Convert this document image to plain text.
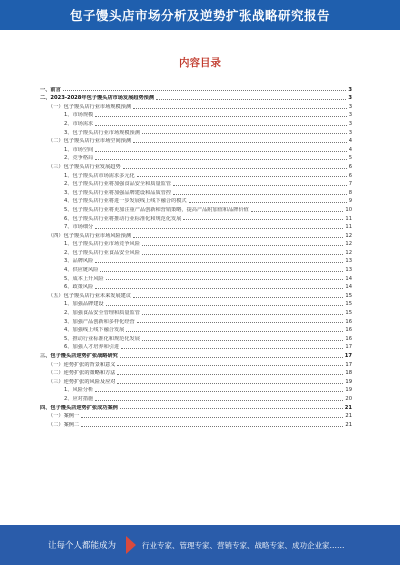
包子馒头店市场分析及逆势扩张战略研究报告
内容目录
一、前言	3
二、2023-2028年包子馒头店市场发展趋势预测	3
（一）包子馒头店行业市场规模预测	3
1、市场规模	3
2、市场需求	3
3、包子馒头店行业市场规模预测	3
（二）包子馒头店行业市场空间预测	4
1、市场空间	4
2、竞争格局	5
（三）包子馒头店行业发展趋势	6
1、包子馒头店市场需求多元化	6
2、包子馒头店行业将加强食品安全和质量监管	7
3、包子馒头店行业将加强品牌建设和品质管控	8
4、包子馒头店行业将进一步发展线上线下融合的模式	9
5、包子馒头店行业将更加注重产品创新和营销策略，提高产品附加值和品牌价值	10
6、包子馒头店行业将推动行业标准化和规范化发展	11
7、市场细分	11
（四）包子馒头店行业市场风险预测	12
1、包子馒头店行业市场竞争风险	12
2、包子馒头店行业食品安全风险	12
3、品牌风险	13
4、供应链风险	13
5、成本上升风险	14
6、政策风险	14
（五）包子馒头店行业未来发展建议	15
1、加强品牌建设	15
2、加强食品安全管理和质量监管	15
3、加强产品创新和多样化经营	16
4、加强线上线下融合发展	16
5、推动行业标准化和规范化发展	16
6、加强人才培养和引进	17
三、包子馒头店逆势扩张战略研究	17
（一）逆势扩张的背景和意义	17
（二）逆势扩张的策略和方法	18
（三）逆势扩张的风险及应对	19
1、风险分析	19
2、应对措施	20
四、包子馒头店逆势扩张成功案例	21
（一）案例一	21
（二）案例二	21
让每个人都能成为	行业专家、管理专家、营销专家、战略专家、成功企业家……
